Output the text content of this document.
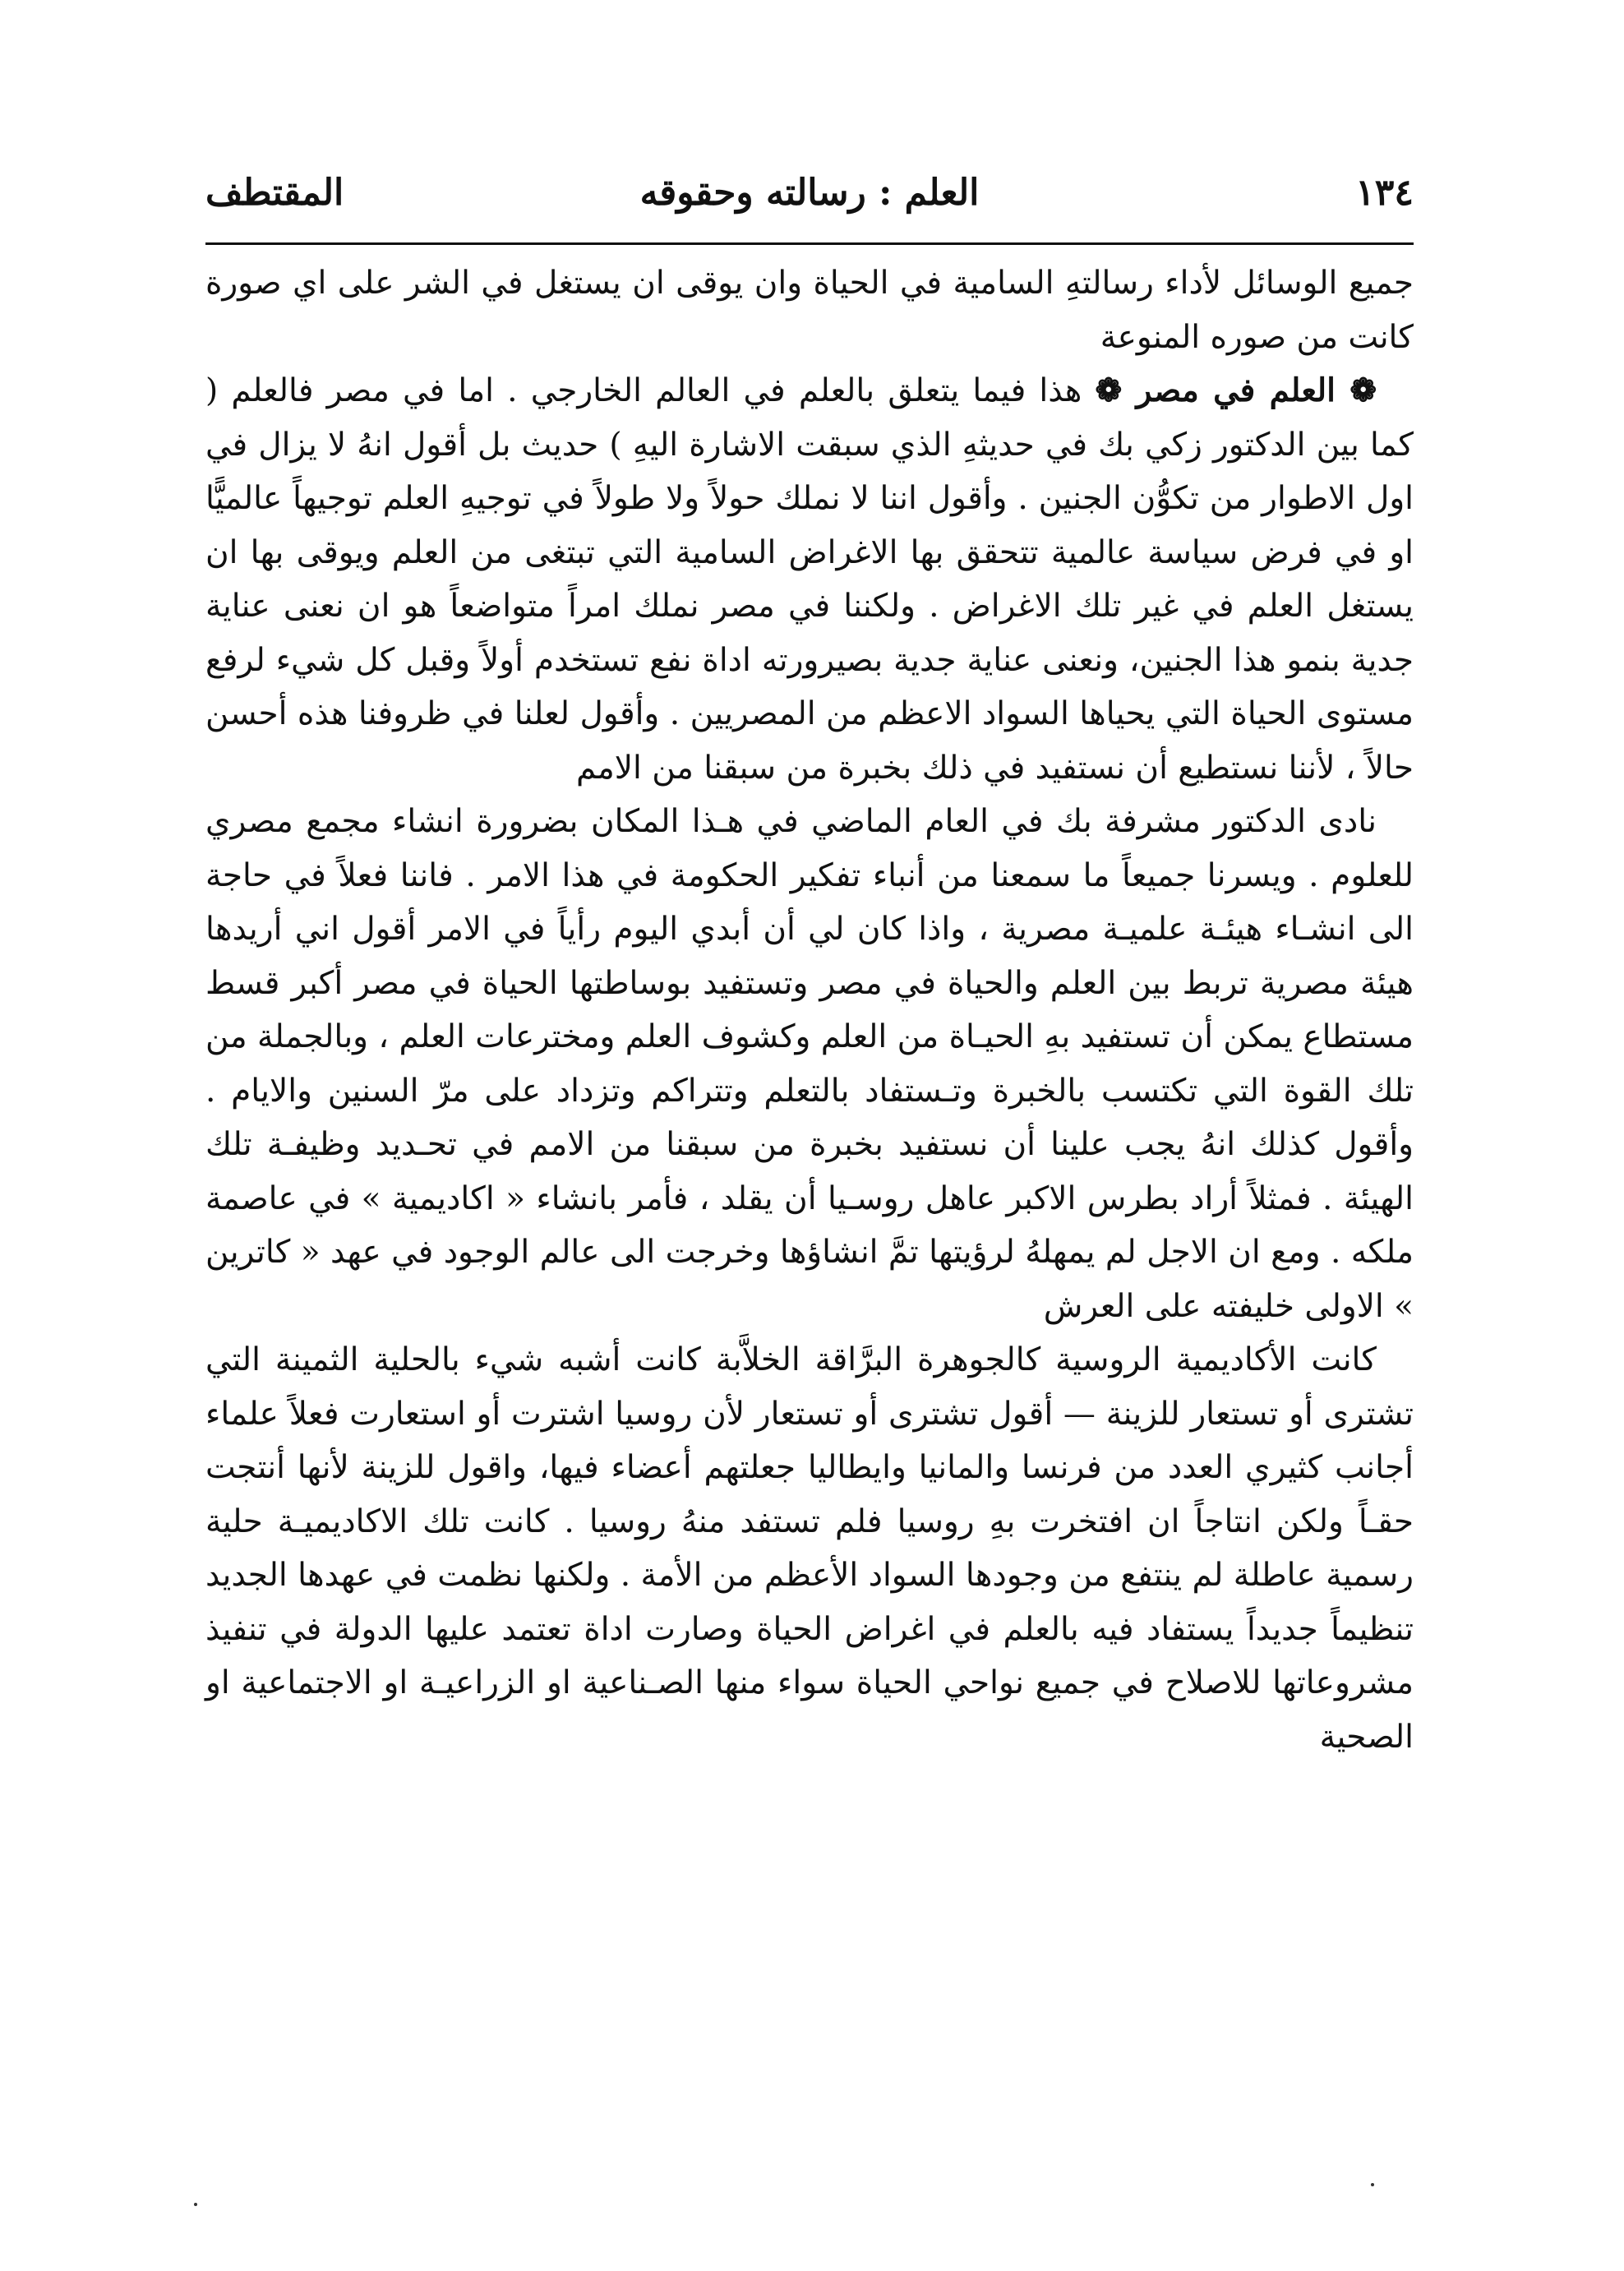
١٣٤
العلم : رسالته وحقوقه
المقتطف

جميع الوسائل لأداء رسالتهِ السامية في الحياة وان يوقى ان يستغل في الشر على اي صورة كانت من صوره المنوعة

❁ العلم في مصر ❁ هذا فيما يتعلق بالعلم في العالم الخارجي . اما في مصر فالعلم ( كما بين الدكتور زكي بك في حديثهِ الذي سبقت الاشارة اليهِ ) حديث بل أقول انهُ لا يزال في اول الاطوار من تكوُّن الجنين . وأقول اننا لا نملك حولاً ولا طولاً في توجيهِ العلم توجيهاً عالميًّا او في فرض سياسة عالمية تتحقق بها الاغراض السامية التي تبتغى من العلم ويوقى بها ان يستغل العلم في غير تلك الاغراض . ولكننا في مصر نملك امراً متواضعاً هو ان نعنى عناية جدية بنمو هذا الجنين، ونعنى عناية جدية بصيرورته اداة نفع تستخدم أولاً وقبل كل شيء لرفع مستوى الحياة التي يحياها السواد الاعظم من المصريين . وأقول لعلنا في ظروفنا هذه أحسن حالاً ، لأننا نستطيع أن نستفيد في ذلك بخبرة من سبقنا من الامم

نادى الدكتور مشرفة بك في العام الماضي في هـذا المكان بضرورة انشاء مجمع مصري للعلوم . ويسرنا جميعاً ما سمعنا من أنباء تفكير الحكومة في هذا الامر . فاننا فعلاً في حاجة الى انشـاء هيئـة علميـة مصرية ، واذا كان لي أن أبدي اليوم رأياً في الامر أقول اني أريدها هيئة مصرية تربط بين العلم والحياة في مصر وتستفيد بوساطتها الحياة في مصر أكبر قسط مستطاع يمكن أن تستفيد بهِ الحيـاة من العلم وكشوف العلم ومخترعات العلم ، وبالجملة من تلك القوة التي تكتسب بالخبرة وتـستفاد بالتعلم وتتراكم وتزداد على مرّ السنين والايام . وأقول كذلك انهُ يجب علينا أن نستفيد بخبرة من سبقنا من الامم في تحـديد وظيفـة تلك الهيئة . فمثلاً أراد بطرس الاكبر عاهل روسـيا أن يقلد ، فأمر بانشاء « اكاديمية » في عاصمة ملكه . ومع ان الاجل لم يمهلهُ لرؤيتها تمَّ انشاؤها وخرجت الى عالم الوجود في عهد « كاترين » الاولى خليفته على العرش

كانت الأكاديمية الروسية كالجوهرة البرَّاقة الخلاَّبة كانت أشبه شيء بالحلية الثمينة التي تشترى أو تستعار للزينة — أقول تشترى أو تستعار لأن روسيا اشترت أو استعارت فعلاً علماء أجانب كثيري العدد من فرنسا والمانيا وايطاليا جعلتهم أعضاء فيها، واقول للزينة لأنها أنتجت حقـاً ولكن انتاجاً ان افتخرت بهِ روسيا فلم تستفد منهُ روسيا . كانت تلك الاكاديميـة حلية رسمية عاطلة لم ينتفع من وجودها السواد الأعظم من الأمة . ولكنها نظمت في عهدها الجديد تنظيماً جديداً يستفاد فيه بالعلم في اغراض الحياة وصارت اداة تعتمد عليها الدولة في تنفيذ مشروعاتها للاصلاح في جميع نواحي الحياة سواء منها الصـناعية او الزراعيـة او الاجتماعية او الصحية
